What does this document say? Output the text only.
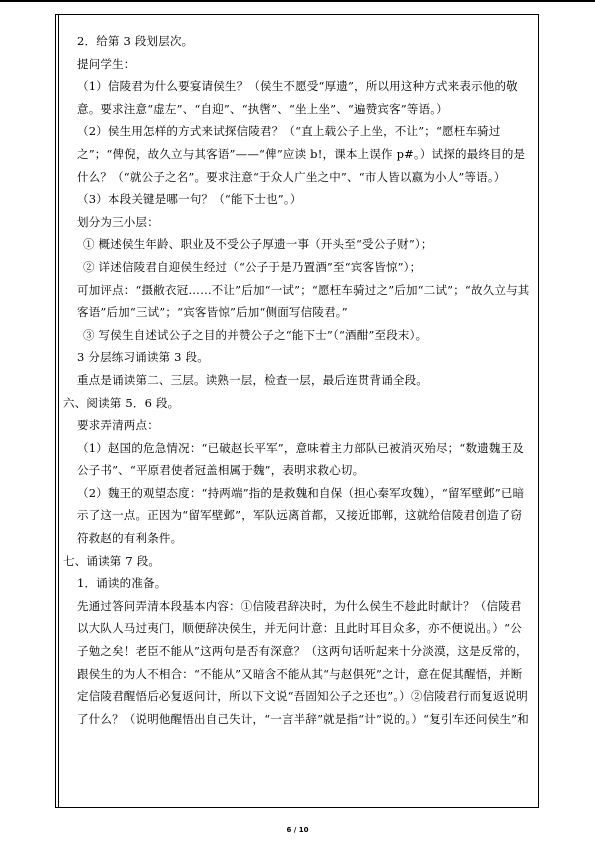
2．给第 3 段划层次。

提问学生：

（1）信陵君为什么要宴请侯生？（侯生不愿受“厚遗”，所以用这种方式来表示他的敬意。要求注意“虚左”、“自迎”、“执辔”、“坐上坐”、“遍赞宾客”等语。）

（2）侯生用怎样的方式来试探信陵君？（“直上载公子上坐，不让”；“愿枉车骑过之”；“俾倪，故久立与其客语”——“俾”应读 b!，课本上误作 p#。）试探的最终目的是什么？（“就公子之名”。要求注意“于众人广坐之中”、“市人皆以嬴为小人”等语。）

（3）本段关键是哪一句？（“能下士也”。）

划分为三小层：

① 概述侯生年龄、职业及不受公子厚遗一事（开头至“受公子财”）；

② 详述信陵君自迎侯生经过（“公子于是乃置酒”至“宾客皆惊”）；

可加评点：“摄敝衣冠……不让”后加“一试”；“愿枉车骑过之”后加“二试”；“故久立与其客语”后加“三试”；“宾客皆惊”后加“侧面写信陵君。”

③ 写侯生自述试公子之目的并赞公子之“能下士”（“酒酣”至段末）。

3 分层练习诵读第 3 段。

重点是诵读第二、三层。读熟一层，检查一层，最后连贯背诵全段。

六、阅读第 5．6 段。

要求弄清两点：

（1）赵国的危急情况：“已破赵长平军”，意味着主力部队已被消灭殆尽；“数遗魏王及公子书”、“平原君使者冠盖相属于魏”，表明求救心切。

（2）魏王的观望态度：“持两端”指的是救魏和自保（担心秦军攻魏），“留军壁邺”已暗示了这一点。正因为“留军壁邺”，军队远离首都，又接近邯郸，这就给信陵君创造了窃符救赵的有利条件。

七、诵读第 7 段。

1．诵读的准备。

先通过答问弄清本段基本内容：①信陵君辞决时，为什么侯生不趁此时献计？（信陵君以大队人马过夷门，顺便辞决侯生，并无问计意：且此时耳目众多，亦不便说出。）“公子勉之矣！老臣不能从”这两句是否有深意？（这两句话听起来十分淡漠，这是反常的，跟侯生的为人不相合：“不能从”又暗含不能从其“与赵俱死”之计，意在促其醒悟，并断定信陵君醒悟后必复返问计，所以下文说“吾固知公子之还也”。）②信陵君行而复返说明了什么？（说明他醒悟出自己失计，“一言半辞”就是指“计”说的。）“复引车还问侯生”和

6 / 10
